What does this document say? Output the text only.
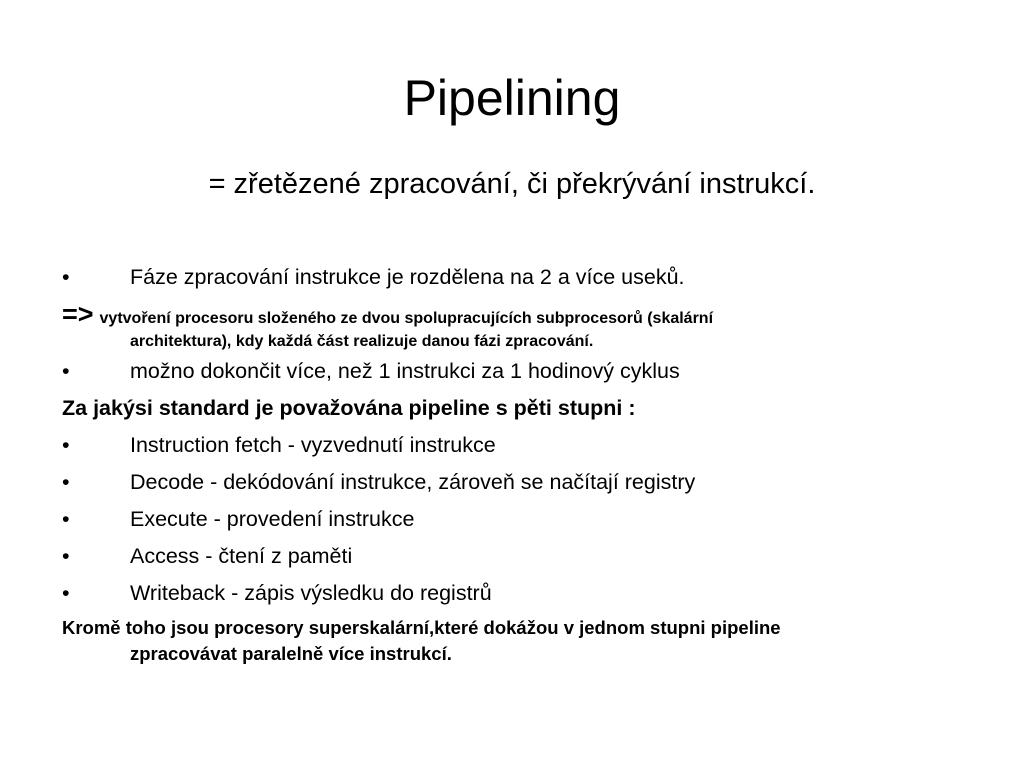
Pipelining

= zřetězené zpracování, či překrývání instrukcí.

•	Fáze zpracování instrukce je rozdělena na 2 a více useků.
=> vytvoření procesoru složeného ze dvou spolupracujících subprocesorů (skalární
architektura), kdy každá část realizuje danou fázi zpracování.
•	možno dokončit více, než 1 instrukci za 1 hodinový cyklus
Za jakýsi standard je považována pipeline s pěti stupni :
•	Instruction fetch - vyzvednutí instrukce
•	Decode - dekódování instrukce, zároveň se načítají registry
•	Execute - provedení instrukce
•	Access - čtení z paměti
•	Writeback - zápis výsledku do registrů
Kromě toho jsou procesory superskalární,které dokážou v jednom stupni pipeline
zpracovávat paralelně více instrukcí.
